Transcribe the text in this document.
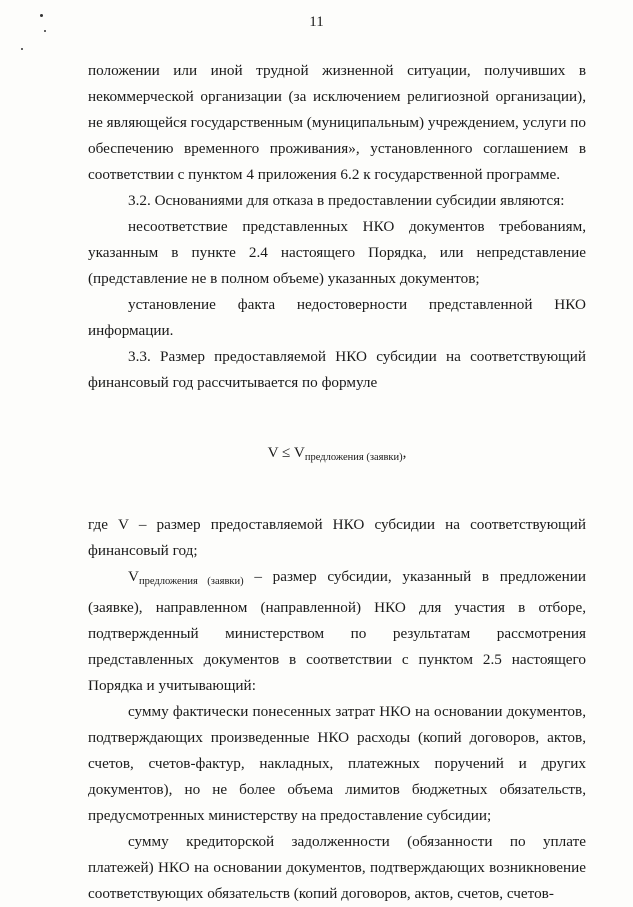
11

положении или иной трудной жизненной ситуации, получивших в некоммерческой организации (за исключением религиозной организации), не являющейся государственным (муниципальным) учреждением, услуги по обеспечению временного проживания», установленного соглашением в соответствии с пунктом 4 приложения 6.2 к государственной программе.

3.2. Основаниями для отказа в предоставлении субсидии являются:

несоответствие представленных НКО документов требованиям, указанным в пункте 2.4 настоящего Порядка, или непредставление (представление не в полном объеме) указанных документов;

установление факта недостоверности представленной НКО информации.

3.3. Размер предоставляемой НКО субсидии на соответствующий финансовый год рассчитывается по формуле

$V \le V_{предложения (заявки)}$,

где V – размер предоставляемой НКО субсидии на соответствующий финансовый год;

Vпредложения (заявки) – размер субсидии, указанный в предложении (заявке), направленном (направленной) НКО для участия в отборе, подтвержденный министерством по результатам рассмотрения представленных документов в соответствии с пунктом 2.5 настоящего Порядка и учитывающий:

сумму фактически понесенных затрат НКО на основании документов, подтверждающих произведенные НКО расходы (копий договоров, актов, счетов, счетов-фактур, накладных, платежных поручений и других документов), но не более объема лимитов бюджетных обязательств, предусмотренных министерству на предоставление субсидии;

сумму кредиторской задолженности (обязанности по уплате платежей) НКО на основании документов, подтверждающих возникновение соответствующих обязательств (копий договоров, актов, счетов, счетов-
